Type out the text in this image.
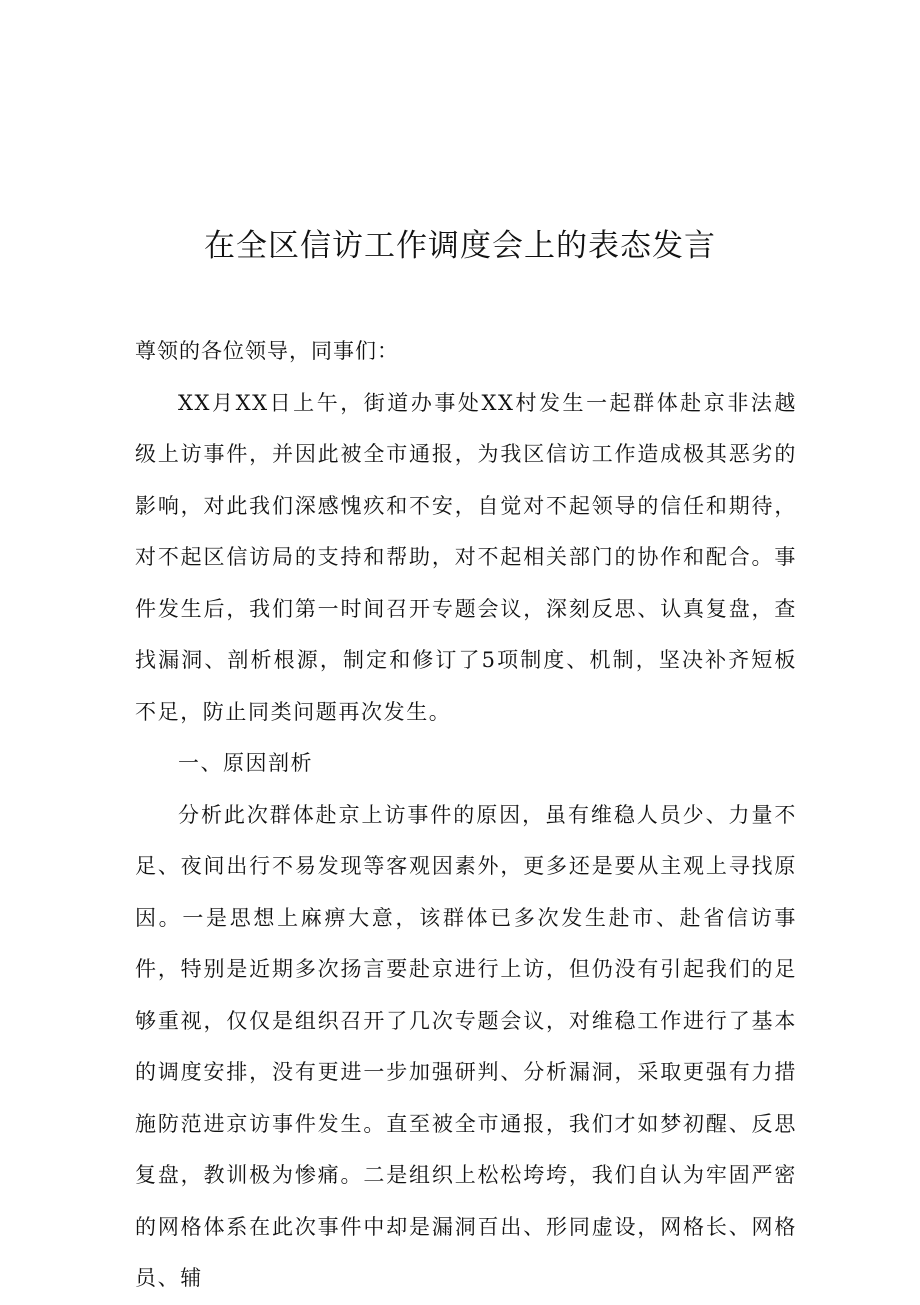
在全区信访工作调度会上的表态发言

尊领的各位领导，同事们：

XX月XX日上午，街道办事处XX村发生一起群体赴京非法越级上访事件，并因此被全市通报，为我区信访工作造成极其恶劣的影响，对此我们深感愧疚和不安，自觉对不起领导的信任和期待，对不起区信访局的支持和帮助，对不起相关部门的协作和配合。事件发生后，我们第一时间召开专题会议，深刻反思、认真复盘，查找漏洞、剖析根源，制定和修订了5项制度、机制，坚决补齐短板不足，防止同类问题再次发生。

一、原因剖析

分析此次群体赴京上访事件的原因，虽有维稳人员少、力量不足、夜间出行不易发现等客观因素外，更多还是要从主观上寻找原因。一是思想上麻痹大意，该群体已多次发生赴市、赴省信访事件，特别是近期多次扬言要赴京进行上访，但仍没有引起我们的足够重视，仅仅是组织召开了几次专题会议，对维稳工作进行了基本的调度安排，没有更进一步加强研判、分析漏洞，采取更强有力措施防范进京访事件发生。直至被全市通报，我们才如梦初醒、反思复盘，教训极为惨痛。二是组织上松松垮垮，我们自认为牢固严密的网格体系在此次事件中却是漏洞百出、形同虚设，网格长、网格员、辅
